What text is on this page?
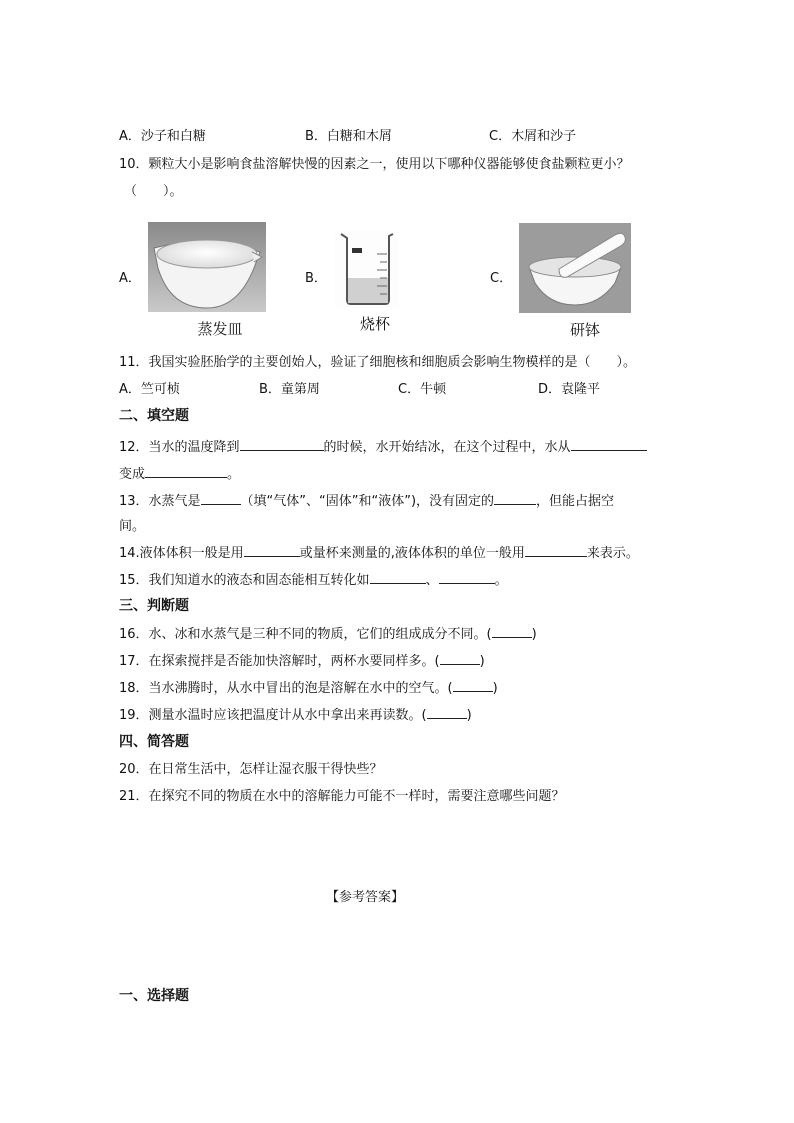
A．沙子和白糖	B．白糖和木屑	C．木屑和沙子
10．颗粒大小是影响食盐溶解快慢的因素之一，使用以下哪种仪器能够使食盐颗粒更小？
（　　）。
A．	B．	C．
蒸发皿	烧杯	研钵
11．我国实验胚胎学的主要创始人，验证了细胞核和细胞质会影响生物模样的是（　　）。
A．竺可桢	B．童第周	C．牛顿	D．袁隆平
二、填空题
12．当水的温度降到	的时候，水开始结冰，在这个过程中，水从
变成	。
13．水蒸气是	（填“气体”、“固体”和“液体”)，没有固定的	，但能占据空
间。
14.液体体积一般是用	或量杯来测量的,液体体积的单位一般用	来表示。
15．我们知道水的液态和固态能相互转化如	、	。
三、判断题
16．水、冰和水蒸气是三种不同的物质，它们的组成成分不同。(	)
17．在探索搅拌是否能加快溶解时，两杯水要同样多。(	)
18．当水沸腾时，从水中冒出的泡是溶解在水中的空气。(	)
19．测量水温时应该把温度计从水中拿出来再读数。(	)
四、简答题
20．在日常生活中，怎样让湿衣服干得快些？
21．在探究不同的物质在水中的溶解能力可能不一样时，需要注意哪些问题？
【参考答案】
一、选择题
